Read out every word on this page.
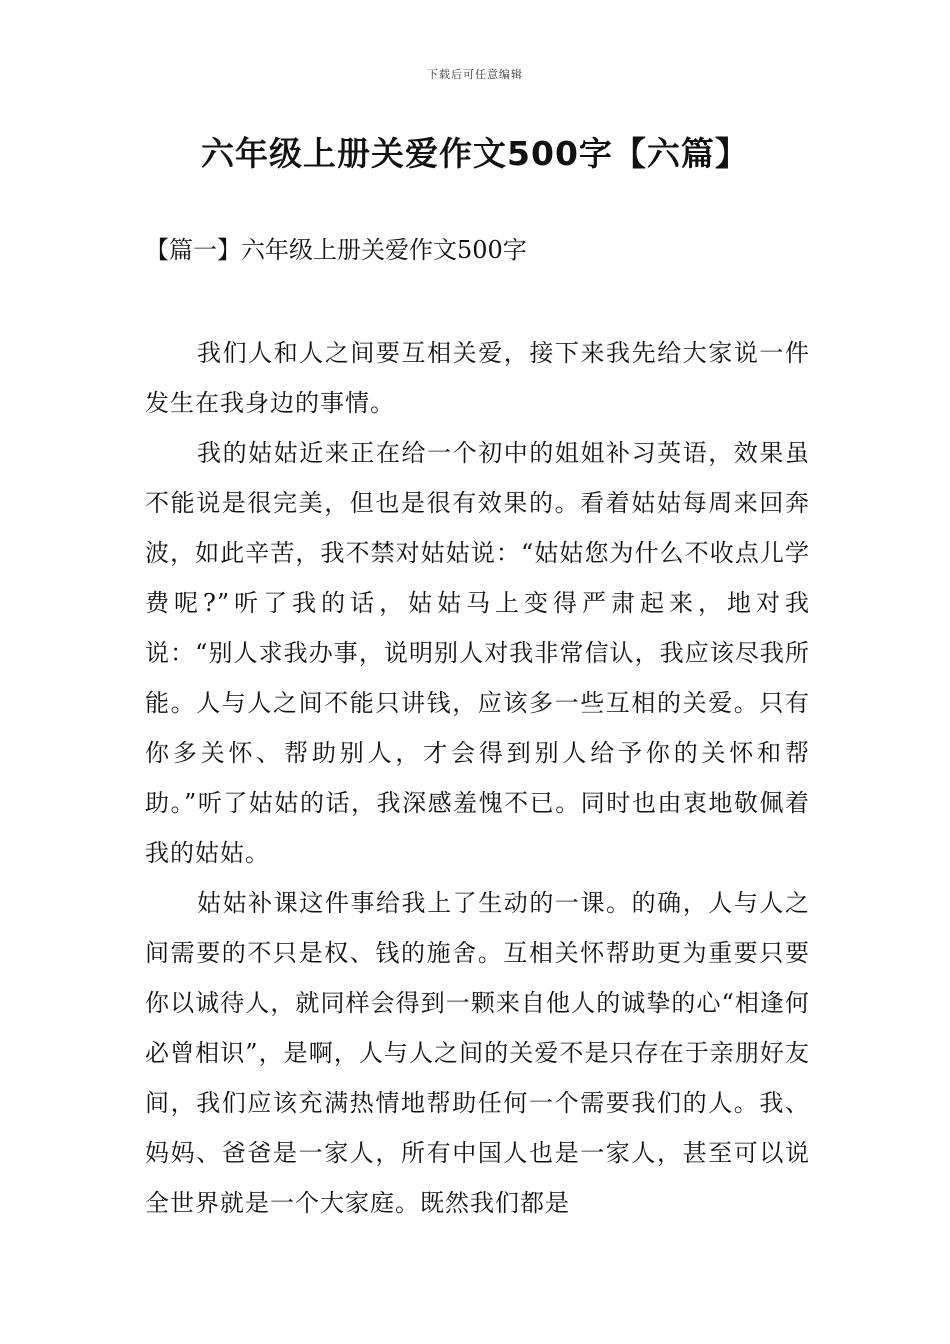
下载后可任意编辑
六年级上册关爱作文500字【六篇】
【篇一】六年级上册关爱作文500字

我们人和人之间要互相关爱，接下来我先给大家说一件发生在我身边的事情。

我的姑姑近来正在给一个初中的姐姐补习英语，效果虽不能说是很完美，但也是很有效果的。看着姑姑每周来回奔波，如此辛苦，我不禁对姑姑说：“姑姑您为什么不收点儿学费呢?”听了我的话，姑姑马上变得严肃起来，地对我说：“别人求我办事，说明别人对我非常信认，我应该尽我所能。人与人之间不能只讲钱，应该多一些互相的关爱。只有你多关怀、帮助别人，才会得到别人给予你的关怀和帮助。”听了姑姑的话，我深感羞愧不已。同时也由衷地敬佩着我的姑姑。

姑姑补课这件事给我上了生动的一课。的确，人与人之间需要的不只是权、钱的施舍。互相关怀帮助更为重要只要你以诚待人，就同样会得到一颗来自他人的诚挚的心“相逢何必曾相识”，是啊，人与人之间的关爱不是只存在于亲朋好友间，我们应该充满热情地帮助任何一个需要我们的人。我、妈妈、爸爸是一家人，所有中国人也是一家人，甚至可以说全世界就是一个大家庭。既然我们都是
